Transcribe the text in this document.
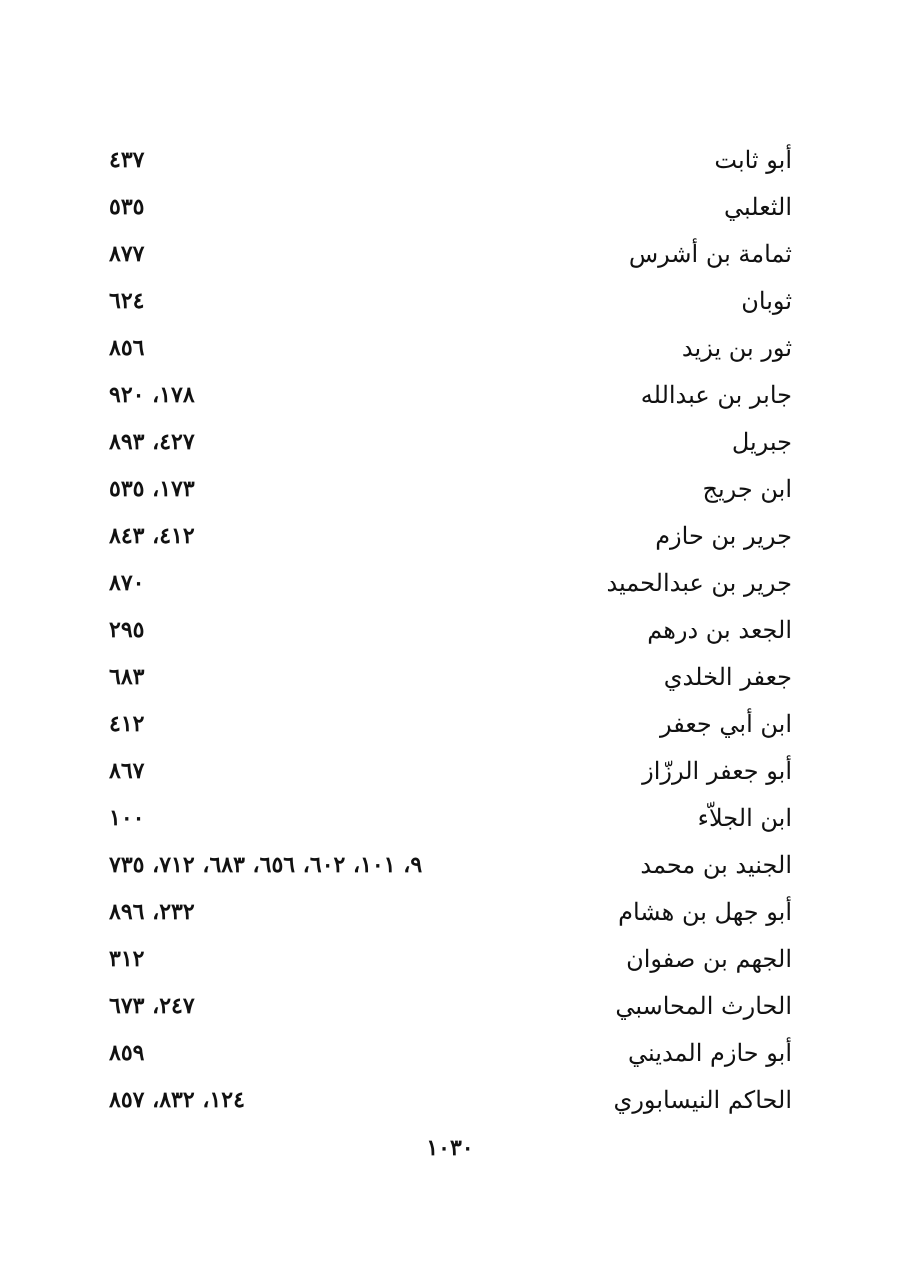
أبو ثابت
٤٣٧
الثعلبي
٥٣٥
ثمامة بن أشرس
٨٧٧
ثوبان
٦٢٤
ثور بن يزيد
٨٥٦
جابر بن عبدالله
١٧٨، ٩٢٠
جبريل
٤٢٧، ٨٩٣
ابن جريج
١٧٣، ٥٣٥
جرير بن حازم
٤١٢، ٨٤٣
جرير بن عبدالحميد
٨٧٠
الجعد بن درهم
٢٩٥
جعفر الخلدي
٦٨٣
ابن أبي جعفر
٤١٢
أبو جعفر الرزّاز
٨٦٧
ابن الجلاّء
١٠٠
الجنيد بن محمد
٩، ١٠١، ٦٠٢، ٦٥٦، ٦٨٣، ٧١٢، ٧٣٥
أبو جهل بن هشام
٢٣٢، ٨٩٦
الجهم بن صفوان
٣١٢
الحارث المحاسبي
٢٤٧، ٦٧٣
أبو حازم المديني
٨٥٩
الحاكم النيسابوري
١٢٤، ٨٣٢، ٨٥٧
١٠٣٠
